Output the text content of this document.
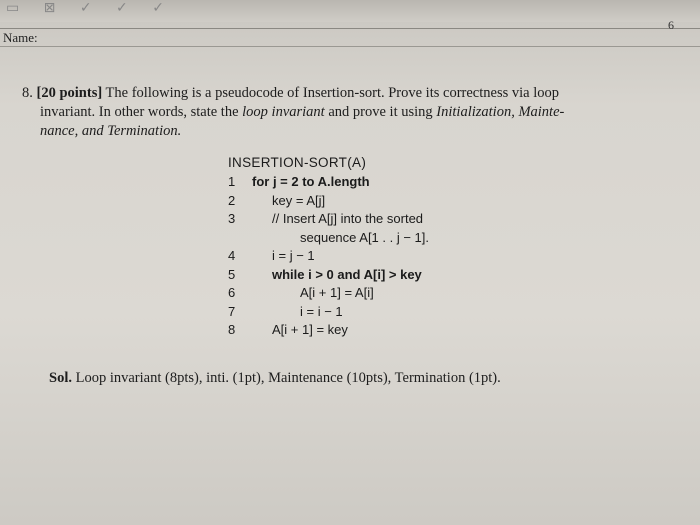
▭ ⊠ ✓ ✓ ✓
6
Name:
8. [20 points] The following is a pseudocode of Insertion-sort. Prove its correctness via loop
invariant. In other words, state the loop invariant and prove it using Initialization, Mainte-
nance, and Termination.
INSERTION-SORT(A)
1	for j = 2 to A.length
2	key = A[j]
3	// Insert A[j] into the sorted
sequence A[1 . . j − 1].
4	i = j − 1
5	while i > 0 and A[i] > key
6	A[i + 1] = A[i]
7	i = i − 1
8	A[i + 1] = key
Sol. Loop invariant (8pts), inti. (1pt), Maintenance (10pts), Termination (1pt).
